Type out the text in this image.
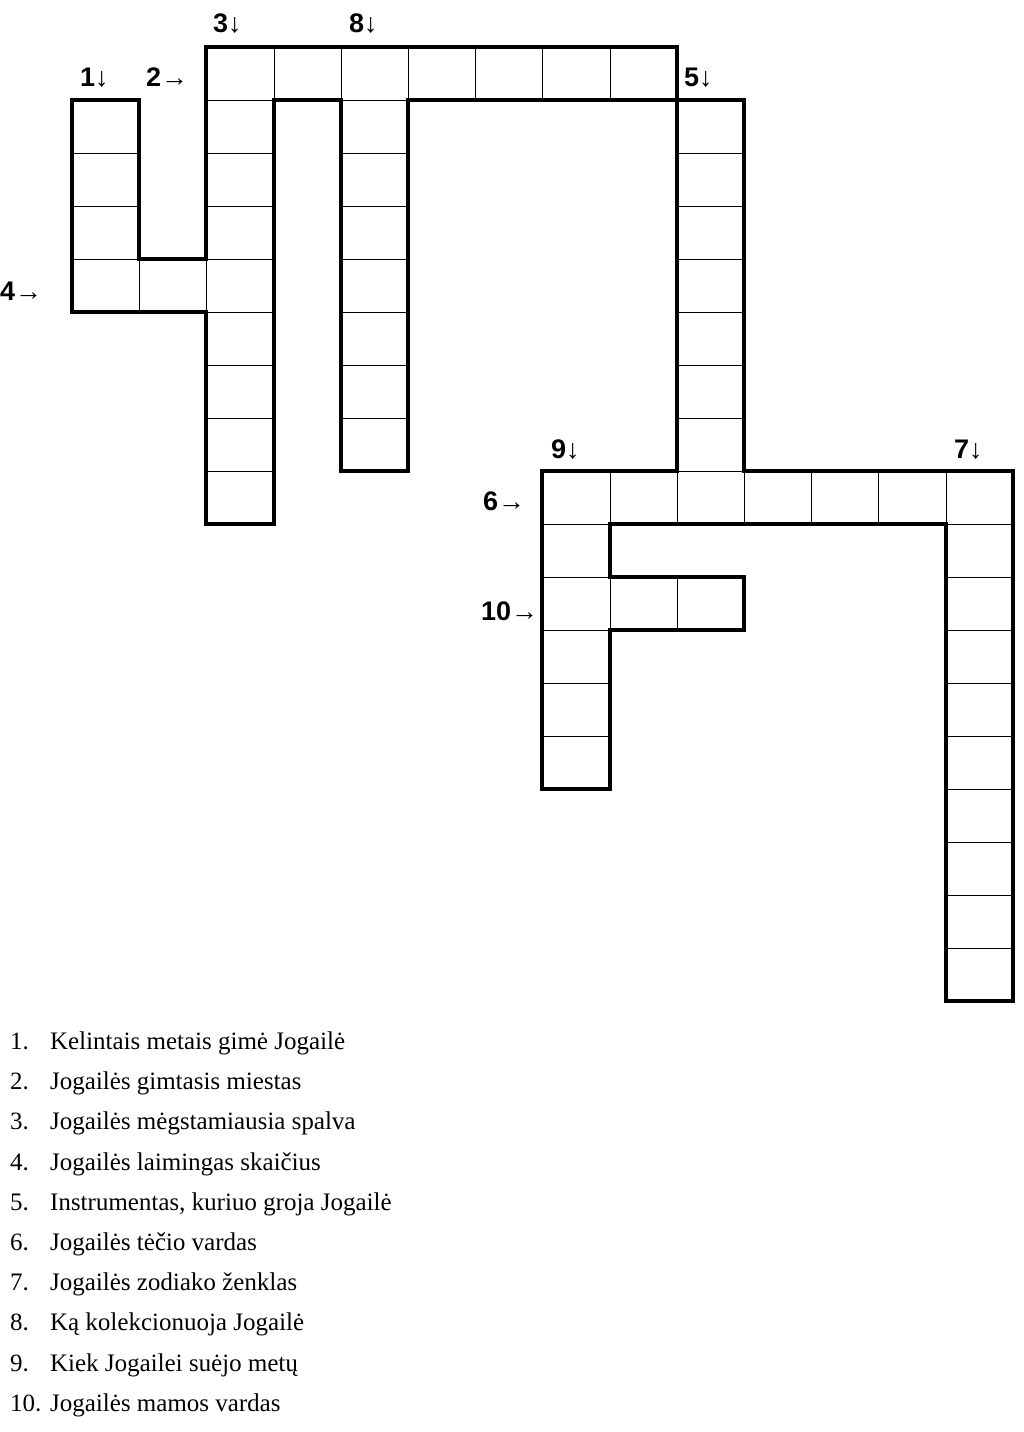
1↓ 2→
3↓
4→
5↓
6→
7↓
8↓
9↓
10→
1. Kelintais metais gimė Jogailė
2. Jogailės gimtasis miestas
3. Jogailės mėgstamiausia spalva
4. Jogailės laimingas skaičius
5. Instrumentas, kuriuo groja Jogailė
6. Jogailės tėčio vardas
7. Jogailės zodiako ženklas
8. Ką kolekcionuoja Jogailė
9. Kiek Jogailei suėjo metų
10. Jogailės mamos vardas
